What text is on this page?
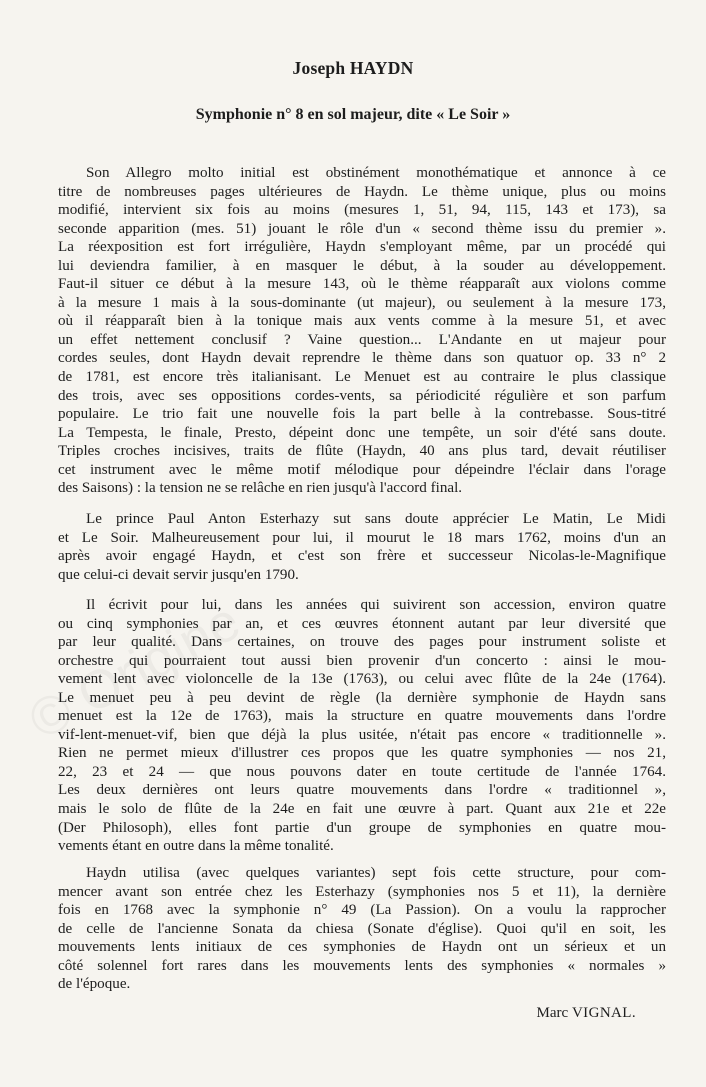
Joseph HAYDN
Symphonie n° 8 en sol majeur, dite « Le Soir »
Son Allegro molto initial est obstinément monothématique et annonce à ce
titre de nombreuses pages ultérieures de Haydn. Le thème unique, plus ou moins
modifié, intervient six fois au moins (mesures 1, 51, 94, 115, 143 et 173), sa
seconde apparition (mes. 51) jouant le rôle d'un « second thème issu du premier ».
La réexposition est fort irrégulière, Haydn s'employant même, par un procédé qui
lui deviendra familier, à en masquer le début, à la souder au développement.
Faut-il situer ce début à la mesure 143, où le thème réapparaît aux violons comme
à la mesure 1 mais à la sous-dominante (ut majeur), ou seulement à la mesure 173,
où il réapparaît bien à la tonique mais aux vents comme à la mesure 51, et avec
un effet nettement conclusif ? Vaine question... L'Andante en ut majeur pour
cordes seules, dont Haydn devait reprendre le thème dans son quatuor op. 33 n° 2
de 1781, est encore très italianisant. Le Menuet est au contraire le plus classique
des trois, avec ses oppositions cordes-vents, sa périodicité régulière et son parfum
populaire. Le trio fait une nouvelle fois la part belle à la contrebasse. Sous-titré
La Tempesta, le finale, Presto, dépeint donc une tempête, un soir d'été sans doute.
Triples croches incisives, traits de flûte (Haydn, 40 ans plus tard, devait réutiliser
cet instrument avec le même motif mélodique pour dépeindre l'éclair dans l'orage
des Saisons) : la tension ne se relâche en rien jusqu'à l'accord final.
Le prince Paul Anton Esterhazy sut sans doute apprécier Le Matin, Le Midi
et Le Soir. Malheureusement pour lui, il mourut le 18 mars 1762, moins d'un an
après avoir engagé Haydn, et c'est son frère et successeur Nicolas-le-Magnifique
que celui-ci devait servir jusqu'en 1790.
Il écrivit pour lui, dans les années qui suivirent son accession, environ quatre
ou cinq symphonies par an, et ces œuvres étonnent autant par leur diversité que
par leur qualité. Dans certaines, on trouve des pages pour instrument soliste et
orchestre qui pourraient tout aussi bien provenir d'un concerto : ainsi le mou-
vement lent avec violoncelle de la 13e (1763), ou celui avec flûte de la 24e (1764).
Le menuet peu à peu devint de règle (la dernière symphonie de Haydn sans
menuet est la 12e de 1763), mais la structure en quatre mouvements dans l'ordre
vif-lent-menuet-vif, bien que déjà la plus usitée, n'était pas encore « traditionnelle ».
Rien ne permet mieux d'illustrer ces propos que les quatre symphonies — nos 21,
22, 23 et 24 — que nous pouvons dater en toute certitude de l'année 1764.
Les deux dernières ont leurs quatre mouvements dans l'ordre « traditionnel »,
mais le solo de flûte de la 24e en fait une œuvre à part. Quant aux 21e et 22e
(Der Philosoph), elles font partie d'un groupe de symphonies en quatre mou-
vements étant en outre dans la même tonalité.
Haydn utilisa (avec quelques variantes) sept fois cette structure, pour com-
mencer avant son entrée chez les Esterhazy (symphonies nos 5 et 11), la dernière
fois en 1768 avec la symphonie n° 49 (La Passion). On a voulu la rapprocher
de celle de l'ancienne Sonata da chiesa (Sonate d'église). Quoi qu'il en soit, les
mouvements lents initiaux de ces symphonies de Haydn ont un sérieux et un
côté solennel fort rares dans les mouvements lents des symphonies « normales »
de l'époque.
Marc VIGNAL.
